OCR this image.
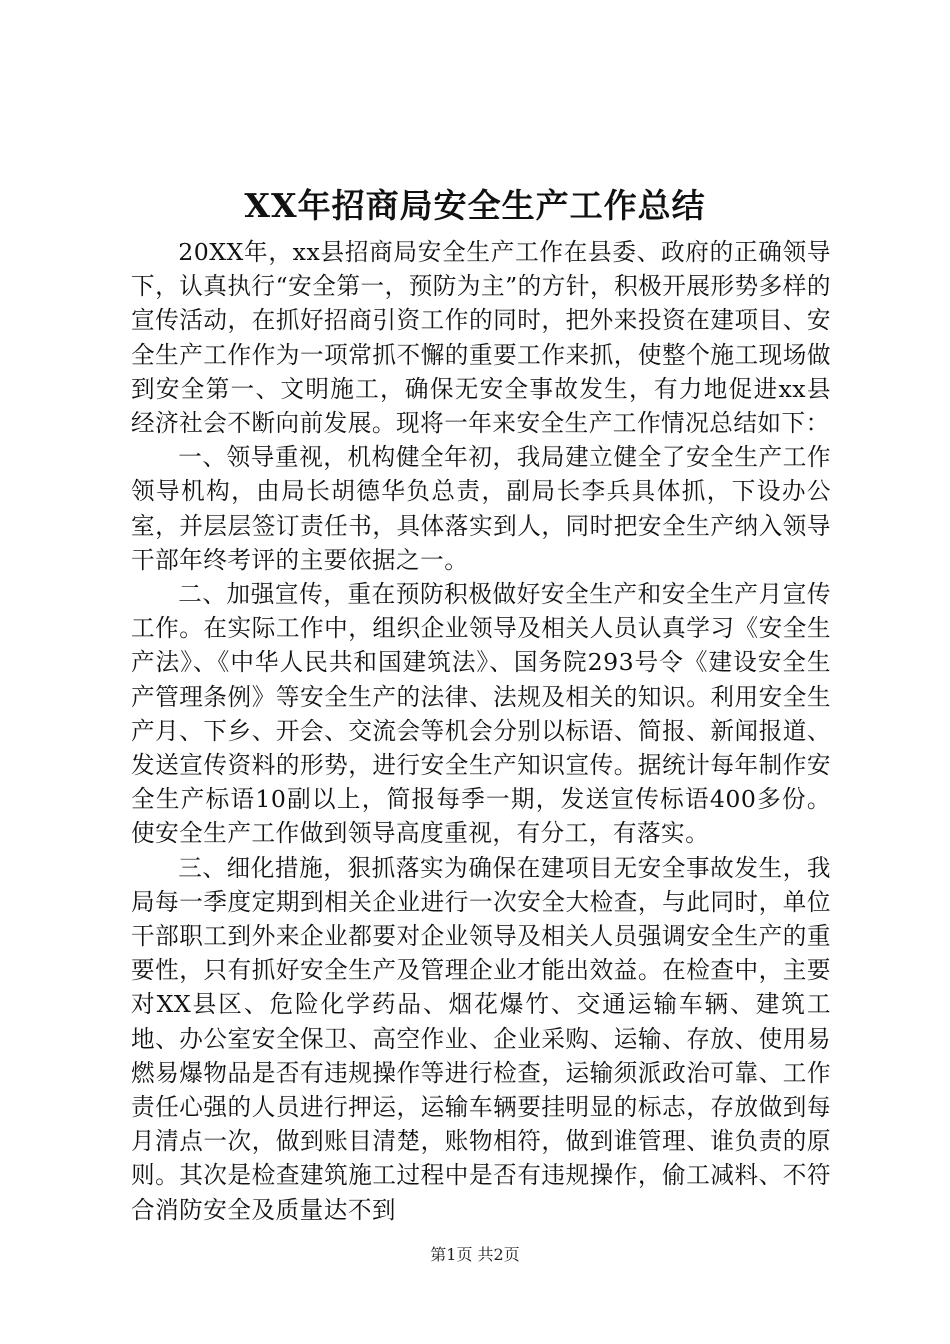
XX年招商局安全生产工作总结

20XX年，xx县招商局安全生产工作在县委、政府的正确领导下，认真执行“安全第一，预防为主”的方针，积极开展形势多样的宣传活动，在抓好招商引资工作的同时，把外来投资在建项目、安全生产工作作为一项常抓不懈的重要工作来抓，使整个施工现场做到安全第一、文明施工，确保无安全事故发生，有力地促进xx县经济社会不断向前发展。现将一年来安全生产工作情况总结如下：

一、领导重视，机构健全年初，我局建立健全了安全生产工作领导机构，由局长胡德华负总责，副局长李兵具体抓，下设办公室，并层层签订责任书，具体落实到人，同时把安全生产纳入领导干部年终考评的主要依据之一。

二、加强宣传，重在预防积极做好安全生产和安全生产月宣传工作。在实际工作中，组织企业领导及相关人员认真学习《安全生产法》、《中华人民共和国建筑法》、国务院293号令《建设安全生产管理条例》等安全生产的法律、法规及相关的知识。利用安全生产月、下乡、开会、交流会等机会分别以标语、简报、新闻报道、发送宣传资料的形势，进行安全生产知识宣传。据统计每年制作安全生产标语10副以上，简报每季一期，发送宣传标语400多份。使安全生产工作做到领导高度重视，有分工，有落实。

三、细化措施，狠抓落实为确保在建项目无安全事故发生，我局每一季度定期到相关企业进行一次安全大检查，与此同时，单位干部职工到外来企业都要对企业领导及相关人员强调安全生产的重要性，只有抓好安全生产及管理企业才能出效益。在检查中，主要对XX县区、危险化学药品、烟花爆竹、交通运输车辆、建筑工地、办公室安全保卫、高空作业、企业采购、运输、存放、使用易燃易爆物品是否有违规操作等进行检查，运输须派政治可靠、工作责任心强的人员进行押运，运输车辆要挂明显的标志，存放做到每月清点一次，做到账目清楚，账物相符，做到谁管理、谁负责的原则。其次是检查建筑施工过程中是否有违规操作，偷工减料、不符合消防安全及质量达不到

第1页 共2页
